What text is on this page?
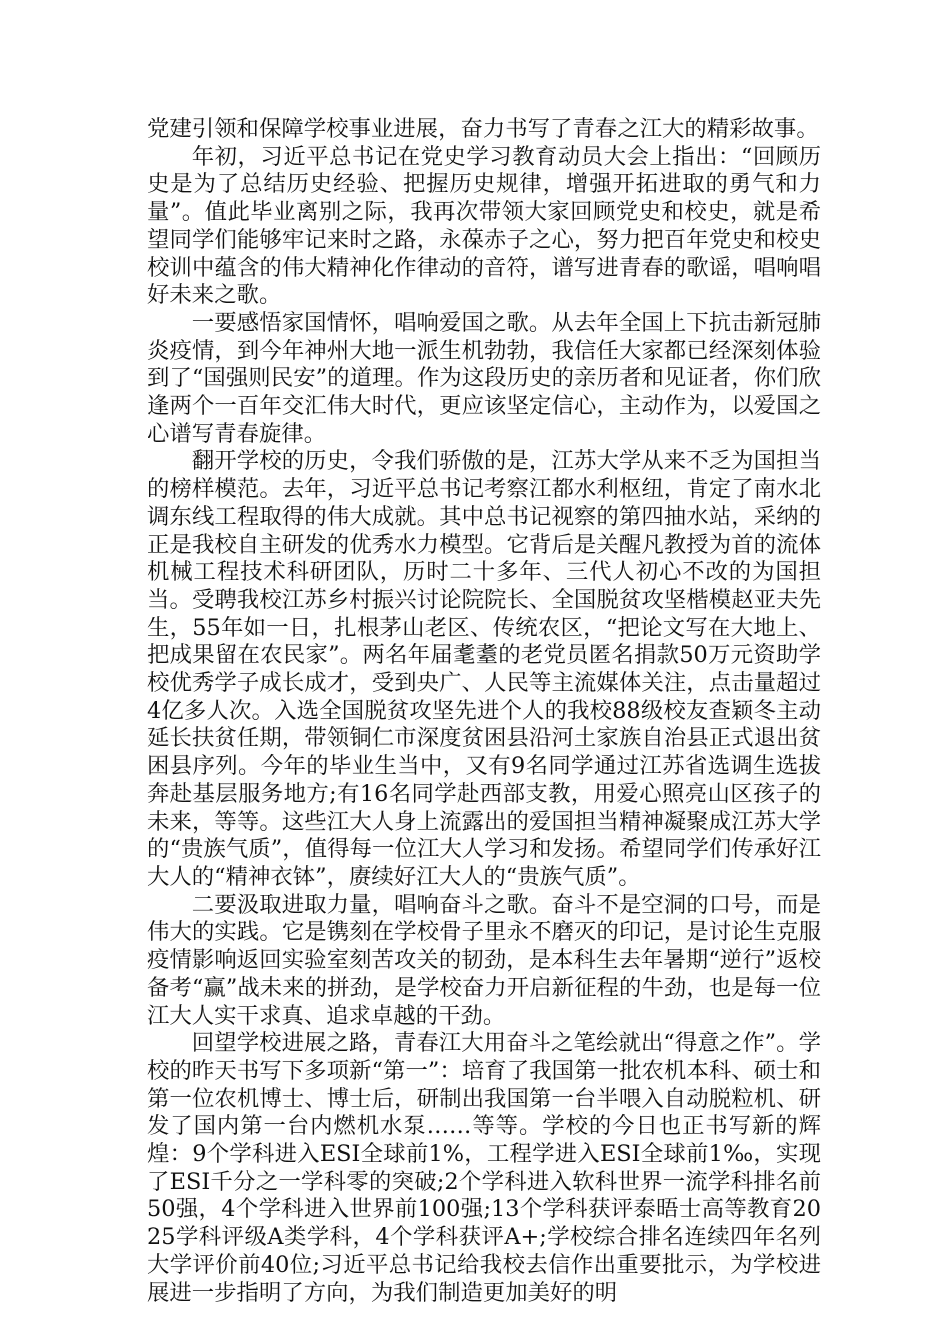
党建引领和保障学校事业进展，奋力书写了青春之江大的精彩故事。

年初，习近平总书记在党史学习教育动员大会上指出：“回顾历史是为了总结历史经验、把握历史规律，增强开拓进取的勇气和力量”。值此毕业离别之际，我再次带领大家回顾党史和校史，就是希望同学们能够牢记来时之路，永葆赤子之心，努力把百年党史和校史校训中蕴含的伟大精神化作律动的音符，谱写进青春的歌谣，唱响唱好未来之歌。

一要感悟家国情怀，唱响爱国之歌。从去年全国上下抗击新冠肺炎疫情，到今年神州大地一派生机勃勃，我信任大家都已经深刻体验到了“国强则民安”的道理。作为这段历史的亲历者和见证者，你们欣逢两个一百年交汇伟大时代，更应该坚定信心，主动作为，以爱国之心谱写青春旋律。

翻开学校的历史，令我们骄傲的是，江苏大学从来不乏为国担当的榜样模范。去年，习近平总书记考察江都水利枢纽，肯定了南水北调东线工程取得的伟大成就。其中总书记视察的第四抽水站，采纳的正是我校自主研发的优秀水力模型。它背后是关醒凡教授为首的流体机械工程技术科研团队，历时二十多年、三代人初心不改的为国担当。受聘我校江苏乡村振兴讨论院院长、全国脱贫攻坚楷模赵亚夫先生，55年如一日，扎根茅山老区、传统农区，“把论文写在大地上、把成果留在农民家”。两名年届耄耋的老党员匿名捐款50万元资助学校优秀学子成长成才，受到央广、人民等主流媒体关注，点击量超过4亿多人次。入选全国脱贫攻坚先进个人的我校88级校友查颖冬主动延长扶贫任期，带领铜仁市深度贫困县沿河土家族自治县正式退出贫困县序列。今年的毕业生当中，又有9名同学通过江苏省选调生选拔奔赴基层服务地方;有16名同学赴西部支教，用爱心照亮山区孩子的未来，等等。这些江大人身上流露出的爱国担当精神凝聚成江苏大学的“贵族气质”，值得每一位江大人学习和发扬。希望同学们传承好江大人的“精神衣钵”，赓续好江大人的“贵族气质”。

二要汲取进取力量，唱响奋斗之歌。奋斗不是空洞的口号，而是伟大的实践。它是镌刻在学校骨子里永不磨灭的印记，是讨论生克服疫情影响返回实验室刻苦攻关的韧劲，是本科生去年暑期“逆行”返校备考“赢”战未来的拼劲，是学校奋力开启新征程的牛劲，也是每一位江大人实干求真、追求卓越的干劲。

回望学校进展之路，青春江大用奋斗之笔绘就出“得意之作”。学校的昨天书写下多项新“第一”：培育了我国第一批农机本科、硕士和第一位农机博士、博士后，研制出我国第一台半喂入自动脱粒机、研发了国内第一台内燃机水泵……等等。学校的今日也正书写新的辉煌：9个学科进入ESI全球前1%，工程学进入ESI全球前1‰，实现了ESI千分之一学科零的突破;2个学科进入软科世界一流学科排名前50强，4个学科进入世界前100强;13个学科获评泰晤士高等教育2025学科评级A类学科，4个学科获评A+;学校综合排名连续四年名列大学评价前40位;习近平总书记给我校去信作出重要批示，为学校进展进一步指明了方向，为我们制造更加美好的明
